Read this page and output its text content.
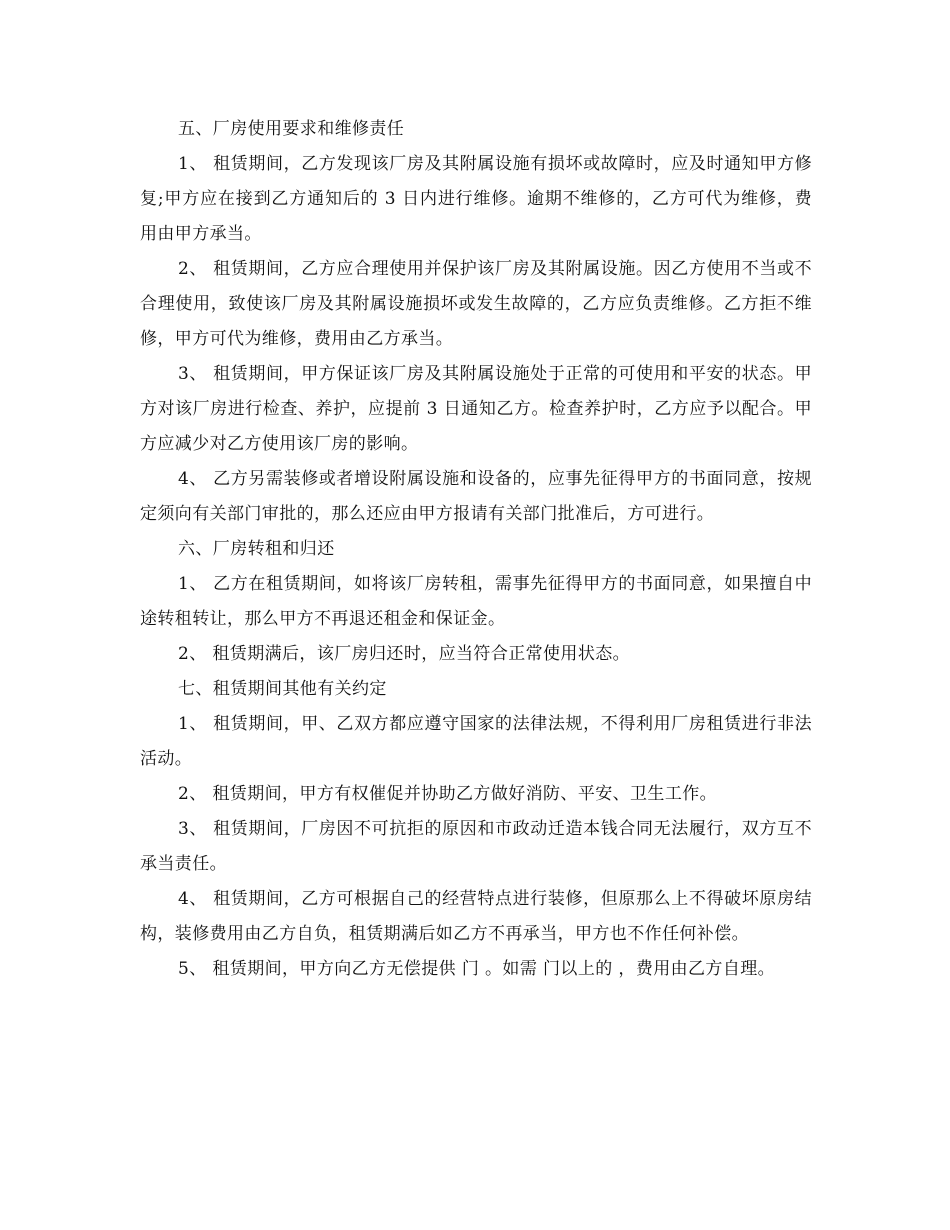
五、厂房使用要求和维修责任

1、 租赁期间，乙方发现该厂房及其附属设施有损坏或故障时，应及时通知甲方修复;甲方应在接到乙方通知后的 3 日内进行维修。逾期不维修的，乙方可代为维修，费用由甲方承当。

2、 租赁期间，乙方应合理使用并保护该厂房及其附属设施。因乙方使用不当或不合理使用，致使该厂房及其附属设施损坏或发生故障的，乙方应负责维修。乙方拒不维修，甲方可代为维修，费用由乙方承当。

3、 租赁期间，甲方保证该厂房及其附属设施处于正常的可使用和平安的状态。甲方对该厂房进行检查、养护，应提前 3 日通知乙方。检查养护时，乙方应予以配合。甲方应减少对乙方使用该厂房的影响。

4、 乙方另需装修或者增设附属设施和设备的，应事先征得甲方的书面同意，按规定须向有关部门审批的，那么还应由甲方报请有关部门批准后，方可进行。

六、厂房转租和归还

1、 乙方在租赁期间，如将该厂房转租，需事先征得甲方的书面同意，如果擅自中途转租转让，那么甲方不再退还租金和保证金。

2、 租赁期满后，该厂房归还时，应当符合正常使用状态。

七、租赁期间其他有关约定

1、 租赁期间，甲、乙双方都应遵守国家的法律法规，不得利用厂房租赁进行非法活动。

2、 租赁期间，甲方有权催促并协助乙方做好消防、平安、卫生工作。

3、 租赁期间，厂房因不可抗拒的原因和市政动迁造本钱合同无法履行，双方互不承当责任。

4、 租赁期间，乙方可根据自己的经营特点进行装修，但原那么上不得破坏原房结构，装修费用由乙方自负，租赁期满后如乙方不再承当，甲方也不作任何补偿。

5、 租赁期间，甲方向乙方无偿提供 门 。如需 门以上的 ，费用由乙方自理。
